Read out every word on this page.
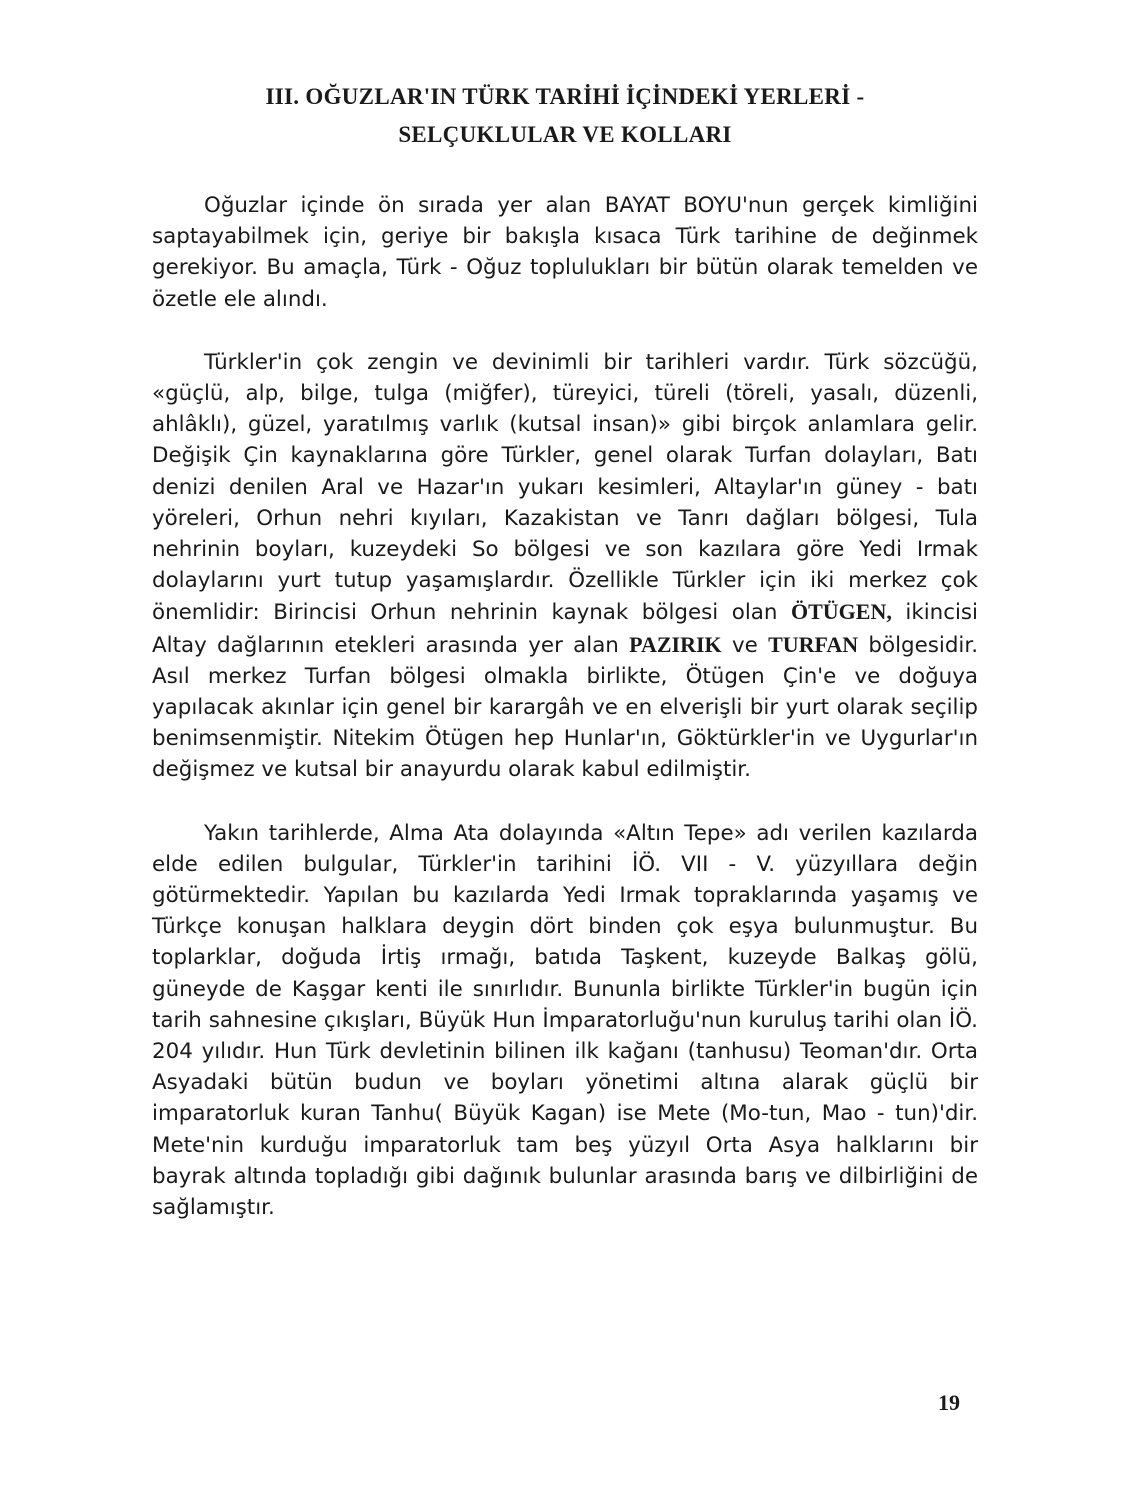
III. OĞUZLAR'IN TÜRK TARİHİ İÇİNDEKİ YERLERİ -
SELÇUKLULAR VE KOLLARI

Oğuzlar içinde ön sırada yer alan BAYAT BOYU'nun gerçek kimliğini saptayabilmek için, geriye bir bakışla kısaca Türk tarihine de değinmek gerekiyor. Bu amaçla, Türk - Oğuz toplulukları bir bütün olarak temelden ve özetle ele alındı.

Türkler'in çok zengin ve devinimli bir tarihleri vardır. Türk sözcüğü, «güçlü, alp, bilge, tulga (miğfer), türeyici, türeli (töreli, yasalı, düzenli, ahlâklı), güzel, yaratılmış varlık (kutsal insan)» gibi birçok anlamlara gelir. Değişik Çin kaynaklarına göre Türkler, genel olarak Turfan dolayları, Batı denizi denilen Aral ve Hazar'ın yukarı kesimleri, Altaylar'ın güney - batı yöreleri, Orhun nehri kıyıları, Kazakistan ve Tanrı dağları bölgesi, Tula nehrinin boyları, kuzeydeki So bölgesi ve son kazılara göre Yedi Irmak dolaylarını yurt tutup yaşamışlardır. Özellikle Türkler için iki merkez çok önemlidir: Birincisi Orhun nehrinin kaynak bölgesi olan ÖTÜGEN, ikincisi Altay dağlarının etekleri arasında yer alan PAZIRIK ve TURFAN bölgesidir. Asıl merkez Turfan bölgesi olmakla birlikte, Ötügen Çin'e ve doğuya yapılacak akınlar için genel bir karargâh ve en elverişli bir yurt olarak seçilip benimsenmiştir. Nitekim Ötügen hep Hunlar'ın, Göktürkler'in ve Uygurlar'ın değişmez ve kutsal bir anayurdu olarak kabul edilmiştir.

Yakın tarihlerde, Alma Ata dolayında «Altın Tepe» adı verilen kazılarda elde edilen bulgular, Türkler'in tarihini İÖ. VII - V. yüzyıllara değin götürmektedir. Yapılan bu kazılarda Yedi Irmak topraklarında yaşamış ve Türkçe konuşan halklara deygin dört binden çok eşya bulunmuştur. Bu toplarklar, doğuda İrtiş ırmağı, batıda Taşkent, kuzeyde Balkaş gölü, güneyde de Kaşgar kenti ile sınırlıdır. Bununla birlikte Türkler'in bugün için tarih sahnesine çıkışları, Büyük Hun İmparatorluğu'nun kuruluş tarihi olan İÖ. 204 yılıdır. Hun Türk devletinin bilinen ilk kağanı (tanhusu) Teoman'dır. Orta Asyadaki bütün budun ve boyları yönetimi altına alarak güçlü bir imparatorluk kuran Tanhu( Büyük Kagan) ise Mete (Mo-tun, Mao - tun)'dir. Mete'nin kurduğu imparatorluk tam beş yüzyıl Orta Asya halklarını bir bayrak altında topladığı gibi dağınık bulunlar arasında barış ve dilbirliğini de sağlamıştır.

19
